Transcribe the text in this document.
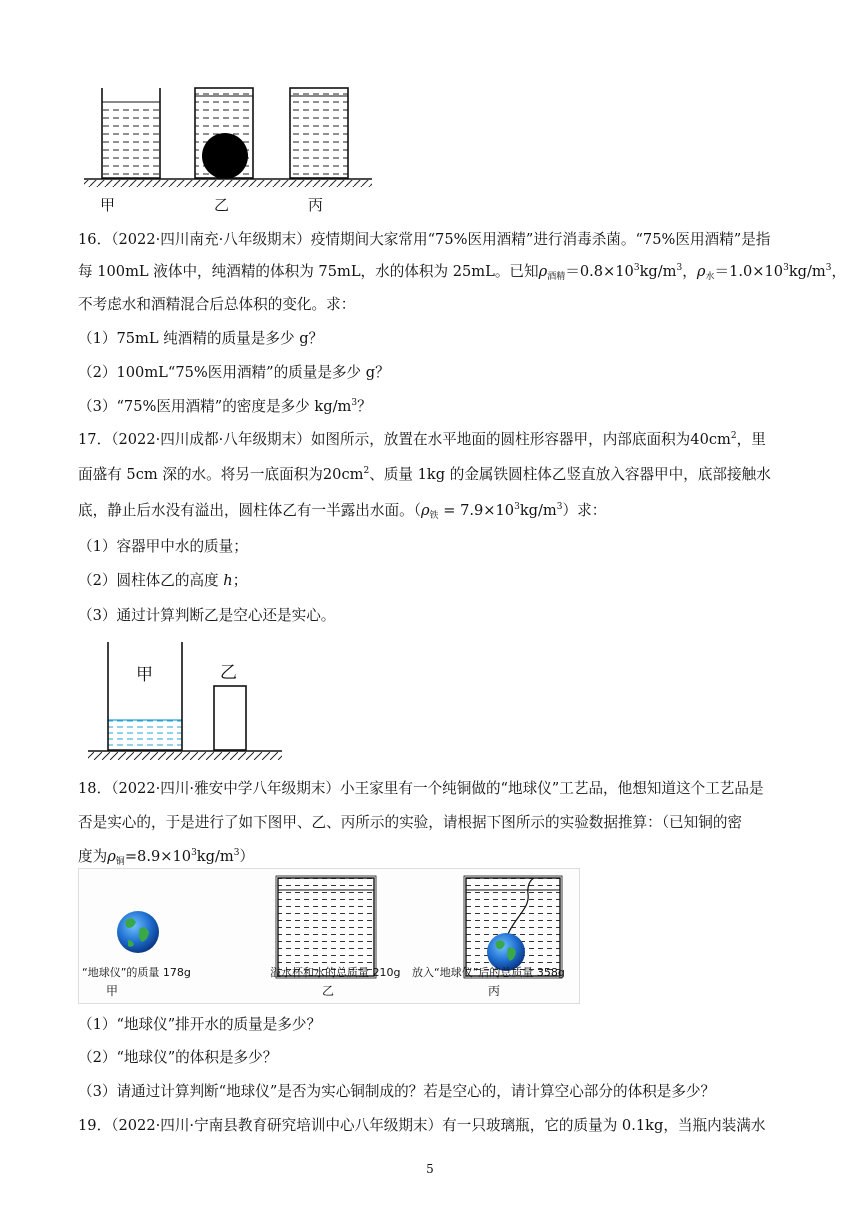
甲	乙	丙
16．（2022·四川南充·八年级期末）疫情期间大家常用“75%医用酒精”进行消毒杀菌。“75%医用酒精”是指
每 100mL 液体中，纯酒精的体积为 75mL，水的体积为 25mL。已知$\rho_{酒精}=0.8\times 10^3kg/m^3$，$\rho_水=1.0\times 10^3kg/m^3$，
不考虑水和酒精混合后总体积的变化。求：
（1）75mL 纯酒精的质量是多少 g？
（2）100mL“75%医用酒精”的质量是多少 g？
（3）“75%医用酒精”的密度是多少 $kg/m^3$？
17．（2022·四川成都·八年级期末）如图所示，放置在水平地面的圆柱形容器甲，内部底面积为$40cm^2$，里
面盛有 5cm 深的水。将另一底面积为$20cm^2$、质量 1kg 的金属铁圆柱体乙竖直放入容器甲中，底部接触水
底，静止后水没有溢出，圆柱体乙有一半露出水面。$(\rho_铁 = 7.9\times 10^3kg/m^3)$求：
（1）容器甲中水的质量；
（2）圆柱体乙的高度 h；
（3）通过计算判断乙是空心还是实心。
甲	乙
18．（2022·四川·雅安中学八年级期末）小王家里有一个纯铜做的“地球仪”工艺品，他想知道这个工艺品是
否是实心的，于是进行了如下图甲、乙、丙所示的实验，请根据下图所示的实验数据推算：（已知铜的密
度为$\rho_铜=8.9\times 10^3kg/m^3$）
“地球仪”的质量 178g	溢水杯和水的总质量 210g 放入“地球仪”后的总质量 358g
甲	乙	丙
（1）“地球仪”排开水的质量是多少？
（2）“地球仪”的体积是多少？
（3）请通过计算判断“地球仪”是否为实心铜制成的？若是空心的，请计算空心部分的体积是多少？
19．（2022·四川·宁南县教育研究培训中心八年级期末）有一只玻璃瓶，它的质量为 0.1kg，当瓶内装满水
5
